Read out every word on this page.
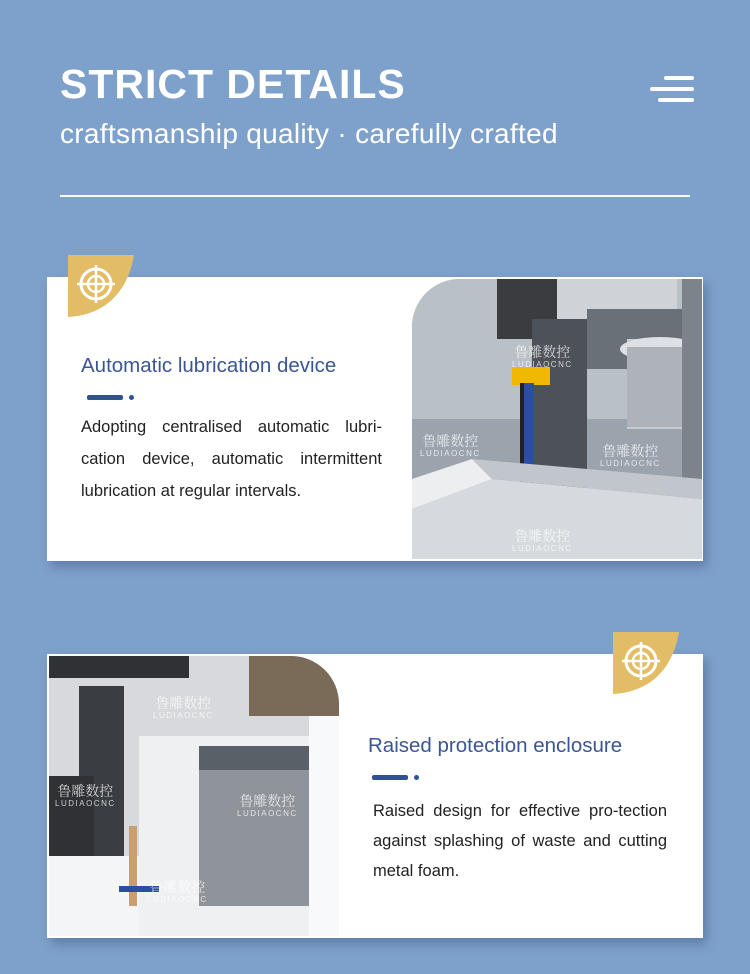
STRICT DETAILS
craftsmanship quality · carefully crafted
Automatic lubrication device
Adopting centralised automatic lubri-cation device, automatic intermittent lubrication at regular intervals.
鲁雕数控
LUDIAOCNC
鲁雕数控
LUDIAOCNC	鲁雕数控
LUDIAOCNC
鲁雕数控
LUDIAOCNC
Raised protection enclosure
Raised design for effective pro-tection against splashing of waste and cutting metal foam.
鲁雕数控
LUDIAOCNC
鲁雕数控
LUDIAOCNC	鲁雕数控
LUDIAOCNC
鲁雕数控
LUDIAOCNC
